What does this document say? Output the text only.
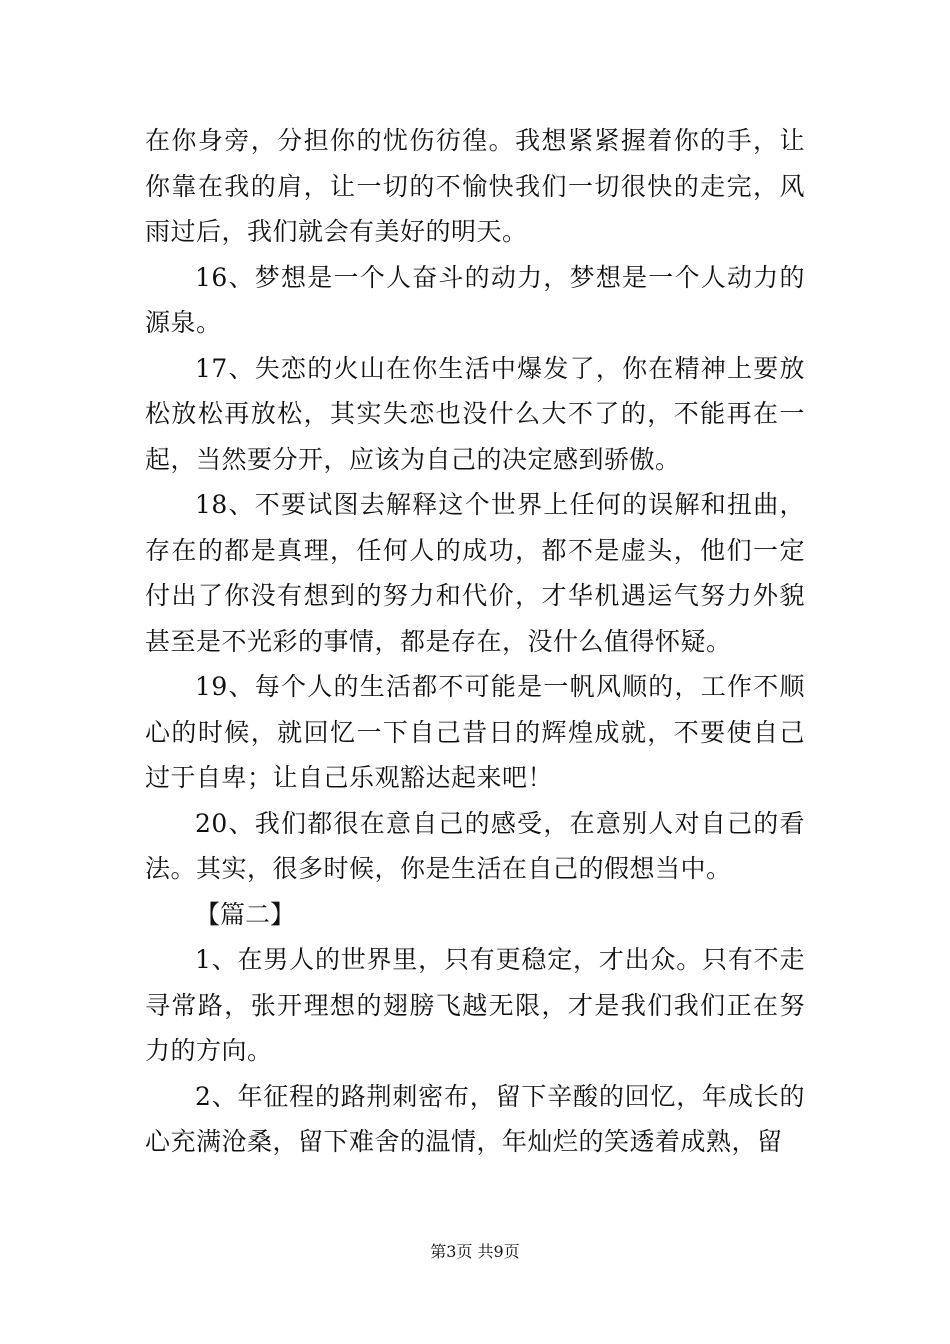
在你身旁，分担你的忧伤彷徨。我想紧紧握着你的手，让你靠在我的肩，让一切的不愉快我们一切很快的走完，风雨过后，我们就会有美好的明天。

16、梦想是一个人奋斗的动力，梦想是一个人动力的源泉。

17、失恋的火山在你生活中爆发了，你在精神上要放松放松再放松，其实失恋也没什么大不了的，不能再在一起，当然要分开，应该为自己的决定感到骄傲。

18、不要试图去解释这个世界上任何的误解和扭曲，存在的都是真理，任何人的成功，都不是虚头，他们一定付出了你没有想到的努力和代价，才华机遇运气努力外貌甚至是不光彩的事情，都是存在，没什么值得怀疑。

19、每个人的生活都不可能是一帆风顺的，工作不顺心的时候，就回忆一下自己昔日的辉煌成就，不要使自己过于自卑；让自己乐观豁达起来吧！

20、我们都很在意自己的感受，在意别人对自己的看法。其实，很多时候，你是生活在自己的假想当中。

【篇二】

1、在男人的世界里，只有更稳定，才出众。只有不走寻常路，张开理想的翅膀飞越无限，才是我们我们正在努力的方向。

2、年征程的路荆刺密布，留下辛酸的回忆，年成长的心充满沧桑，留下难舍的温情，年灿烂的笑透着成熟，留

第3页 共9页
